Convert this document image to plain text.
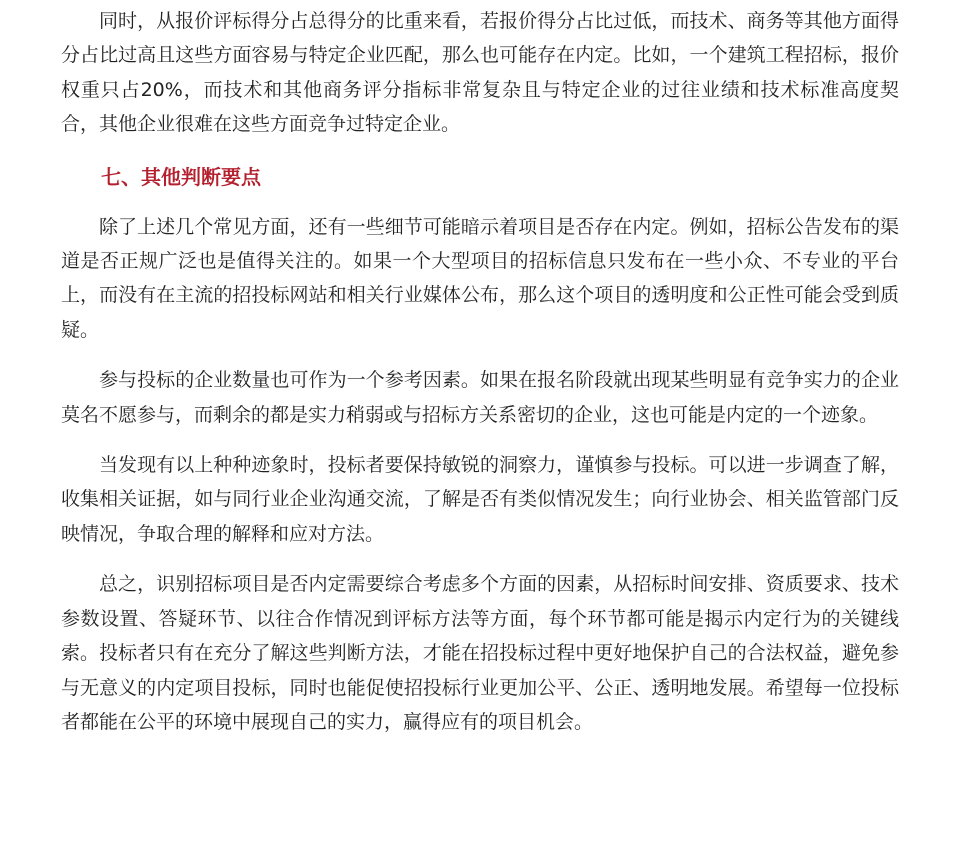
同时，从报价评标得分占总得分的比重来看，若报价得分占比过低，而技术、商务等其他方面得分占比过高且这些方面容易与特定企业匹配，那么也可能存在内定。比如，一个建筑工程招标，报价权重只占20%，而技术和其他商务评分指标非常复杂且与特定企业的过往业绩和技术标准高度契合，其他企业很难在这些方面竞争过特定企业。

七、其他判断要点

除了上述几个常见方面，还有一些细节可能暗示着项目是否存在内定。例如，招标公告发布的渠道是否正规广泛也是值得关注的。如果一个大型项目的招标信息只发布在一些小众、不专业的平台上，而没有在主流的招投标网站和相关行业媒体公布，那么这个项目的透明度和公正性可能会受到质疑。

参与投标的企业数量也可作为一个参考因素。如果在报名阶段就出现某些明显有竞争实力的企业莫名不愿参与，而剩余的都是实力稍弱或与招标方关系密切的企业，这也可能是内定的一个迹象。

当发现有以上种种迹象时，投标者要保持敏锐的洞察力，谨慎参与投标。可以进一步调查了解，收集相关证据，如与同行业企业沟通交流，了解是否有类似情况发生；向行业协会、相关监管部门反映情况，争取合理的解释和应对方法。

总之，识别招标项目是否内定需要综合考虑多个方面的因素，从招标时间安排、资质要求、技术参数设置、答疑环节、以往合作情况到评标方法等方面，每个环节都可能是揭示内定行为的关键线索。投标者只有在充分了解这些判断方法，才能在招投标过程中更好地保护自己的合法权益，避免参与无意义的内定项目投标，同时也能促使招投标行业更加公平、公正、透明地发展。希望每一位投标者都能在公平的环境中展现自己的实力，赢得应有的项目机会。
